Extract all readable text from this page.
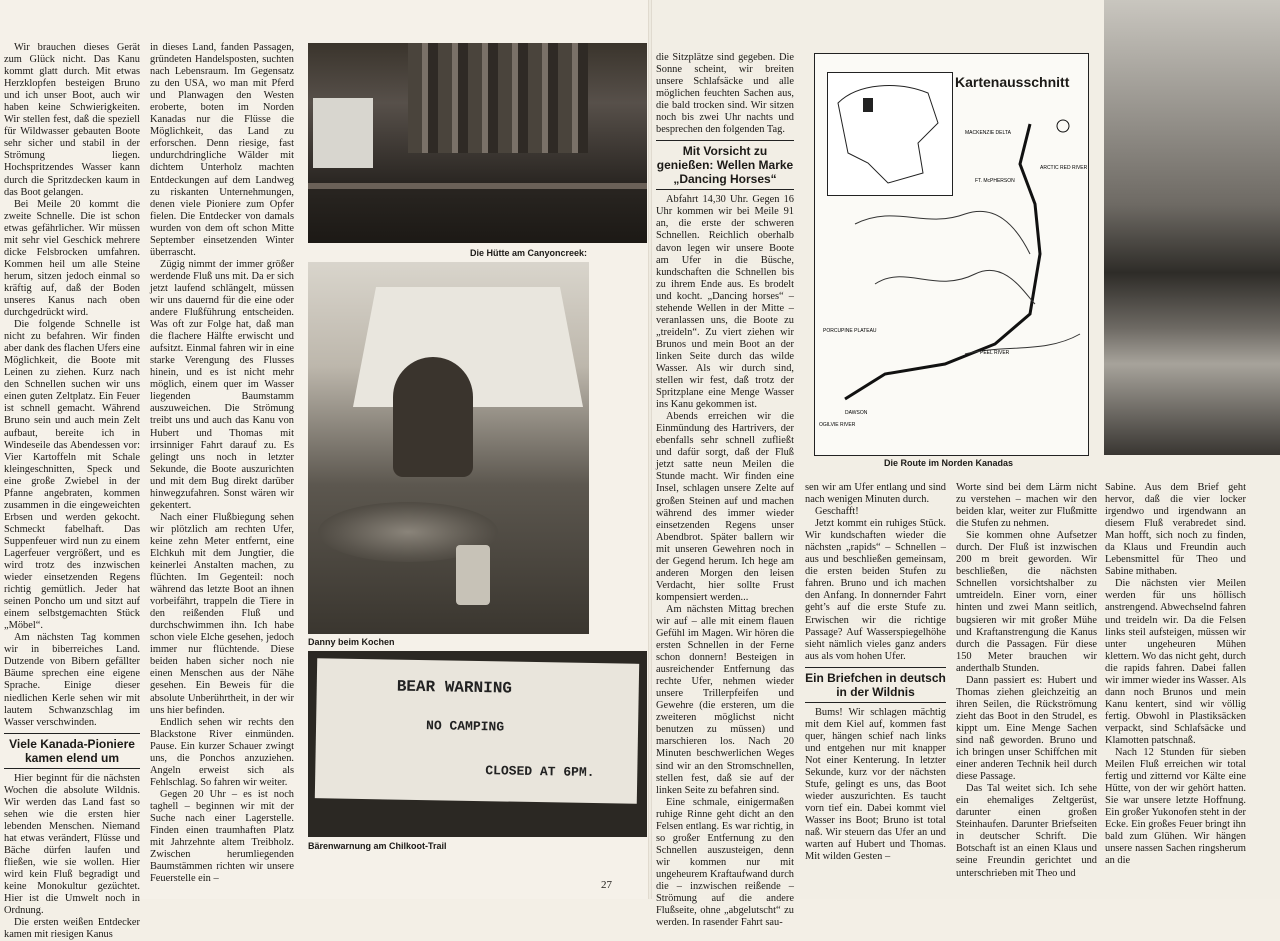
Wir brauchen dieses Gerät zum Glück nicht. Das Kanu kommt glatt durch. Mit etwas Herzklopfen besteigen Bruno und ich unser Boot, auch wir haben keine Schwierigkeiten. Wir stellen fest, daß die speziell für Wildwasser gebauten Boote sehr sicher und stabil in der Strömung liegen. Hochspritzendes Wasser kann durch die Spritzdecken kaum in das Boot gelangen.

Bei Meile 20 kommt die zweite Schnelle. Die ist schon etwas gefährlicher. Wir müssen mit sehr viel Geschick mehrere dicke Felsbrocken umfahren. Kommen heil um alle Steine herum, sitzen jedoch einmal so kräftig auf, daß der Boden unseres Kanus nach oben durchgedrückt wird.

Die folgende Schnelle ist nicht zu befahren. Wir finden aber dank des flachen Ufers eine Möglichkeit, die Boote mit Leinen zu ziehen. Kurz nach den Schnellen suchen wir uns einen guten Zeltplatz. Ein Feuer ist schnell gemacht. Während Bruno sein und auch mein Zelt aufbaut, bereite ich in Windeseile das Abendessen vor: Vier Kartoffeln mit Schale kleingeschnitten, Speck und eine große Zwiebel in der Pfanne angebraten, kommen zusammen in die eingeweichten Erbsen und werden gekocht. Schmeckt fabelhaft. Das Suppenfeuer wird nun zu einem Lagerfeuer vergrößert, und es wird trotz des inzwischen wieder einsetzenden Regens richtig gemütlich. Jeder hat seinen Poncho um und sitzt auf einem selbstgemachten Stück „Möbel“.

Am nächsten Tag kommen wir in biberreiches Land. Dutzende von Bibern gefällter Bäume sprechen eine eigene Sprache. Einige dieser niedlichen Kerle sehen wir mit lautem Schwanzschlag im Wasser verschwinden.

Viele Kanada-Pioniere kamen elend um

Hier beginnt für die nächsten Wochen die absolute Wildnis. Wir werden das Land fast so sehen wie die ersten hier lebenden Menschen. Niemand hat etwas verändert, Flüsse und Bäche dürfen laufen und fließen, wie sie wollen. Hier wird kein Fluß begradigt und keine Monokultur gezüchtet. Hier ist die Umwelt noch in Ordnung.

Die ersten weißen Entdecker kamen mit riesigen Kanus

in dieses Land, fanden Passagen, gründeten Handelsposten, suchten nach Lebensraum. Im Gegensatz zu den USA, wo man mit Pferd und Planwagen den Westen eroberte, boten im Norden Kanadas nur die Flüsse die Möglichkeit, das Land zu erforschen. Denn riesige, fast undurchdringliche Wälder mit dichtem Unterholz machten Entdeckungen auf dem Landweg zu riskanten Unternehmungen, denen viele Pioniere zum Opfer fielen. Die Entdecker von damals wurden von dem oft schon Mitte September einsetzenden Winter überrascht.

Zügig nimmt der immer größer werdende Fluß uns mit. Da er sich jetzt laufend schlängelt, müssen wir uns dauernd für die eine oder andere Flußführung entscheiden. Was oft zur Folge hat, daß man die flachere Hälfte erwischt und aufsitzt. Einmal fahren wir in eine starke Verengung des Flusses hinein, und es ist nicht mehr möglich, einem quer im Wasser liegenden Baumstamm auszuweichen. Die Strömung treibt uns und auch das Kanu von Hubert und Thomas mit irrsinniger Fahrt darauf zu. Es gelingt uns noch in letzter Sekunde, die Boote auszurichten und mit dem Bug direkt darüber hinwegzufahren. Sonst wären wir gekentert.

Nach einer Flußbiegung sehen wir plötzlich am rechten Ufer, keine zehn Meter entfernt, eine Elchkuh mit dem Jungtier, die keinerlei Anstalten machen, zu flüchten. Im Gegenteil: noch während das letzte Boot an ihnen vorbeifährt, trappeln die Tiere in den reißenden Fluß und durchschwimmen ihn. Ich habe schon viele Elche gesehen, jedoch immer nur flüchtende. Diese beiden haben sicher noch nie einen Menschen aus der Nähe gesehen. Ein Beweis für die absolute Unberührtheit, in der wir uns hier befinden.

Endlich sehen wir rechts den Blackstone River einmünden. Pause. Ein kurzer Schauer zwingt uns, die Ponchos anzuziehen. Angeln erweist sich als Fehlschlag. So fahren wir weiter.

Gegen 20 Uhr – es ist noch taghell – beginnen wir mit der Suche nach einer Lagerstelle. Finden einen traumhaften Platz mit Jahrzehnte altem Treibholz. Zwischen herumliegenden Baumstämmen richten wir unsere Feuerstelle ein –

Die Hütte am Canyoncreek:
Danny beim Kochen
BEAR WARNING
NO CAMPING
CLOSED AT 6PM.
Bärenwarnung am Chilkoot-Trail

die Sitzplätze sind gegeben. Die Sonne scheint, wir breiten unsere Schlafsäcke und alle möglichen feuchten Sachen aus, die bald trocken sind. Wir sitzen noch bis zwei Uhr nachts und besprechen den folgenden Tag.

Mit Vorsicht zu genießen: Wellen Marke „Dancing Horses“

Abfahrt 14,30 Uhr. Gegen 16 Uhr kommen wir bei Meile 91 an, die erste der schweren Schnellen. Reichlich oberhalb davon legen wir unsere Boote am Ufer in die Büsche, kundschaften die Schnellen bis zu ihrem Ende aus. Es brodelt und kocht. „Dancing horses“ – stehende Wellen in der Mitte – veranlassen uns, die Boote zu „treideln“. Zu viert ziehen wir Brunos und mein Boot an der linken Seite durch das wilde Wasser. Als wir durch sind, stellen wir fest, daß trotz der Spritzplane eine Menge Wasser ins Kanu gekommen ist.

Abends erreichen wir die Einmündung des Hartrivers, der ebenfalls sehr schnell zufließt und dafür sorgt, daß der Fluß jetzt satte neun Meilen die Stunde macht. Wir finden eine Insel, schlagen unsere Zelte auf großen Steinen auf und machen während des immer wieder einsetzenden Regens unser Abendbrot. Später ballern wir mit unseren Gewehren noch in der Gegend herum. Ich hege am anderen Morgen den leisen Verdacht, hier sollte Frust kompensiert werden...

Am nächsten Mittag brechen wir auf – alle mit einem flauen Gefühl im Magen. Wir hören die ersten Schnellen in der Ferne schon donnern! Besteigen in ausreichender Entfernung das rechte Ufer, nehmen wieder unsere Trillerpfeifen und Gewehre (die ersteren, um die zweiteren möglichst nicht benutzen zu müssen) und marschieren los. Nach 20 Minuten beschwerlichen Weges sind wir an den Stromschnellen, stellen fest, daß sie auf der linken Seite zu befahren sind.

Eine schmale, einigermaßen ruhige Rinne geht dicht an den Felsen entlang. Es war richtig, in so großer Entfernung zu den Schnellen auszusteigen, denn wir kommen nur mit ungeheurem Kraftaufwand durch die – inzwischen reißende – Strömung auf die andere Flußseite, ohne „abgelutscht“ zu werden. In rasender Fahrt sau-

Kartenausschnitt
MACKENZIE DELTA
ARCTIC RED RIVER
FT. McPHERSON
PEEL RIVER
PORCUPINE PLATEAU
DAWSON
OGILVIE RIVER
Die Route im Norden Kanadas

sen wir am Ufer entlang und sind nach wenigen Minuten durch.

Geschafft!

Jetzt kommt ein ruhiges Stück. Wir kundschaften wieder die nächsten „rapids“ – Schnellen – aus und beschließen gemeinsam, die ersten beiden Stufen zu fahren. Bruno und ich machen den Anfang. In donnernder Fahrt geht’s auf die erste Stufe zu. Erwischen wir die richtige Passage? Auf Wasserspiegelhöhe sieht nämlich vieles ganz anders aus als vom hohen Ufer.

Ein Briefchen in deutsch in der Wildnis

Bums! Wir schlagen mächtig mit dem Kiel auf, kommen fast quer, hängen schief nach links und entgehen nur mit knapper Not einer Kenterung. In letzter Sekunde, kurz vor der nächsten Stufe, gelingt es uns, das Boot wieder auszurichten. Es taucht vorn tief ein. Dabei kommt viel Wasser ins Boot; Bruno ist total naß. Wir steuern das Ufer an und warten auf Hubert und Thomas. Mit wilden Gesten –

Worte sind bei dem Lärm nicht zu verstehen – machen wir den beiden klar, weiter zur Flußmitte die Stufen zu nehmen.

Sie kommen ohne Aufsetzer durch. Der Fluß ist inzwischen 200 m breit geworden. Wir beschließen, die nächsten Schnellen vorsichtshalber zu umtreideln. Einer vorn, einer hinten und zwei Mann seitlich, bugsieren wir mit großer Mühe und Kraftanstrengung die Kanus durch die Passagen. Für diese 150 Meter brauchen wir anderthalb Stunden.

Dann passiert es: Hubert und Thomas ziehen gleichzeitig an ihren Seilen, die Rückströmung zieht das Boot in den Strudel, es kippt um. Eine Menge Sachen sind naß geworden. Bruno und ich bringen unser Schiffchen mit einer anderen Technik heil durch diese Passage.

Das Tal weitet sich. Ich sehe ein ehemaliges Zeltgerüst, darunter einen großen Steinhaufen. Darunter Briefseiten in deutscher Schrift. Die Botschaft ist an einen Klaus und seine Freundin gerichtet und unterschrieben mit Theo und

Sabine. Aus dem Brief geht hervor, daß die vier locker irgendwo und irgendwann an diesem Fluß verabredet sind. Man hofft, sich noch zu finden, da Klaus und Freundin auch Lebensmittel für Theo und Sabine mithaben.

Die nächsten vier Meilen werden für uns höllisch anstrengend. Abwechselnd fahren und treideln wir. Da die Felsen links steil aufsteigen, müssen wir unter ungeheuren Mühen klettern. Wo das nicht geht, durch die rapids fahren. Dabei fallen wir immer wieder ins Wasser. Als dann noch Brunos und mein Kanu kentert, sind wir völlig fertig. Obwohl in Plastiksäcken verpackt, sind Schlafsäcke und Klamotten patschnaß.

Nach 12 Stunden für sieben Meilen Fluß erreichen wir total fertig und zitternd vor Kälte eine Hütte, von der wir gehört hatten. Sie war unsere letzte Hoffnung. Ein großer Yukonofen steht in der Ecke. Ein großes Feuer bringt ihn bald zum Glühen. Wir hängen unsere nassen Sachen ringsherum an die

27
